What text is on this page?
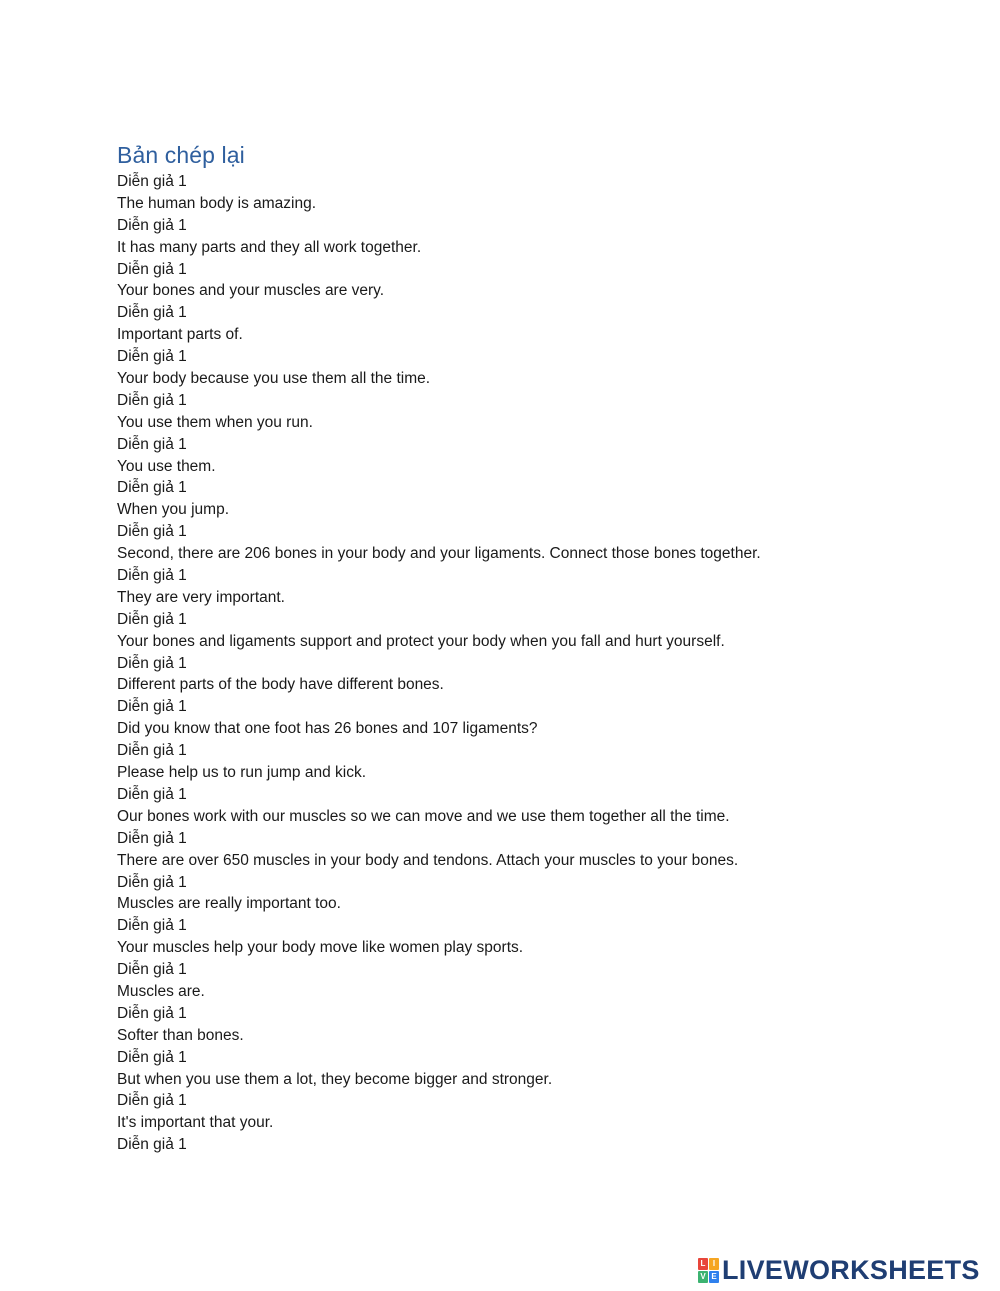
Bản chép lại
Diễn giả 1
The human body is amazing.
Diễn giả 1
It has many parts and they all work together.
Diễn giả 1
Your bones and your muscles are very.
Diễn giả 1
Important parts of.
Diễn giả 1
Your body because you use them all the time.
Diễn giả 1
You use them when you run.
Diễn giả 1
You use them.
Diễn giả 1
When you jump.
Diễn giả 1
Second, there are 206 bones in your body and your ligaments. Connect those bones together.
Diễn giả 1
They are very important.
Diễn giả 1
Your bones and ligaments support and protect your body when you fall and hurt yourself.
Diễn giả 1
Different parts of the body have different bones.
Diễn giả 1
Did you know that one foot has 26 bones and 107 ligaments?
Diễn giả 1
Please help us to run jump and kick.
Diễn giả 1
Our bones work with our muscles so we can move and we use them together all the time.
Diễn giả 1
There are over 650 muscles in your body and tendons. Attach your muscles to your bones.
Diễn giả 1
Muscles are really important too.
Diễn giả 1
Your muscles help your body move like women play sports.
Diễn giả 1
Muscles are.
Diễn giả 1
Softer than bones.
Diễn giả 1
But when you use them a lot, they become bigger and stronger.
Diễn giả 1
It's important that your.
Diễn giả 1
L I
V E LIVEWORKSHEETS
